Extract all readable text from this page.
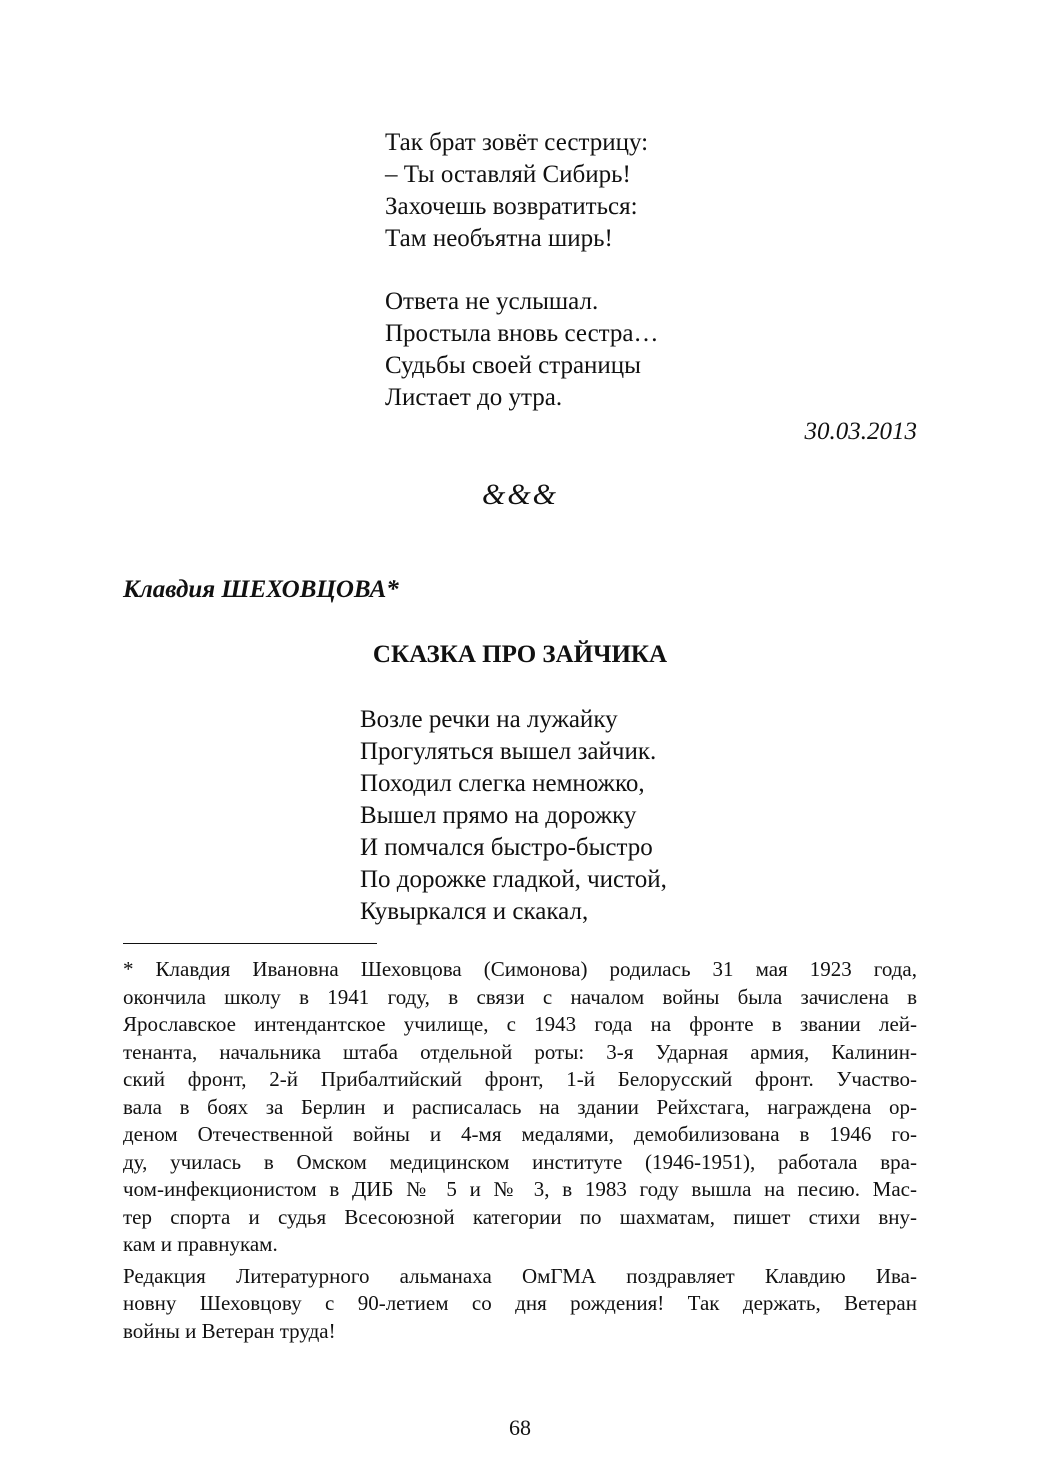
Так брат зовёт сестрицу:
– Ты оставляй Сибирь!
Захочешь возвратиться:
Там необъятна ширь!
Ответа не услышал.
Простыла вновь сестра…
Судьбы своей страницы
Листает до утра.
30.03.2013
&&&
Клавдия ШЕХОВЦОВА*
СКАЗКА ПРО ЗАЙЧИКА
Возле речки на лужайку
Прогуляться вышел зайчик.
Походил слегка немножко,
Вышел прямо на дорожку
И помчался быстро-быстро
По дорожке гладкой, чистой,
Кувыркался и скакал,

* Клавдия Ивановна Шеховцова (Симонова) родилась 31 мая 1923 года,
окончила школу в 1941 году, в связи с началом войны была зачислена в
Ярославское интендантское училище, с 1943 года на фронте в звании лей-
тенанта, начальника штаба отдельной роты: 3-я Ударная армия, Калинин-
ский фронт, 2-й Прибалтийский фронт, 1-й Белорусский фронт. Участво-
вала в боях за Берлин и расписалась на здании Рейхстага, награждена ор-
деном Отечественной войны и 4-мя медалями, демобилизована в 1946 го-
ду, училась в Омском медицинском институте (1946-1951), работала вра-
чом-инфекционистом в ДИБ № 5 и № 3, в 1983 году вышла на песию. Мас-
тер спорта и судья Всесоюзной категории по шахматам, пишет стихи вну-
кам и правнукам.

Редакция Литературного альманаха ОмГМА поздравляет Клавдию Ива-
новну Шеховцову с 90-летием со дня рождения! Так держать, Ветеран
войны и Ветеран труда!

68
